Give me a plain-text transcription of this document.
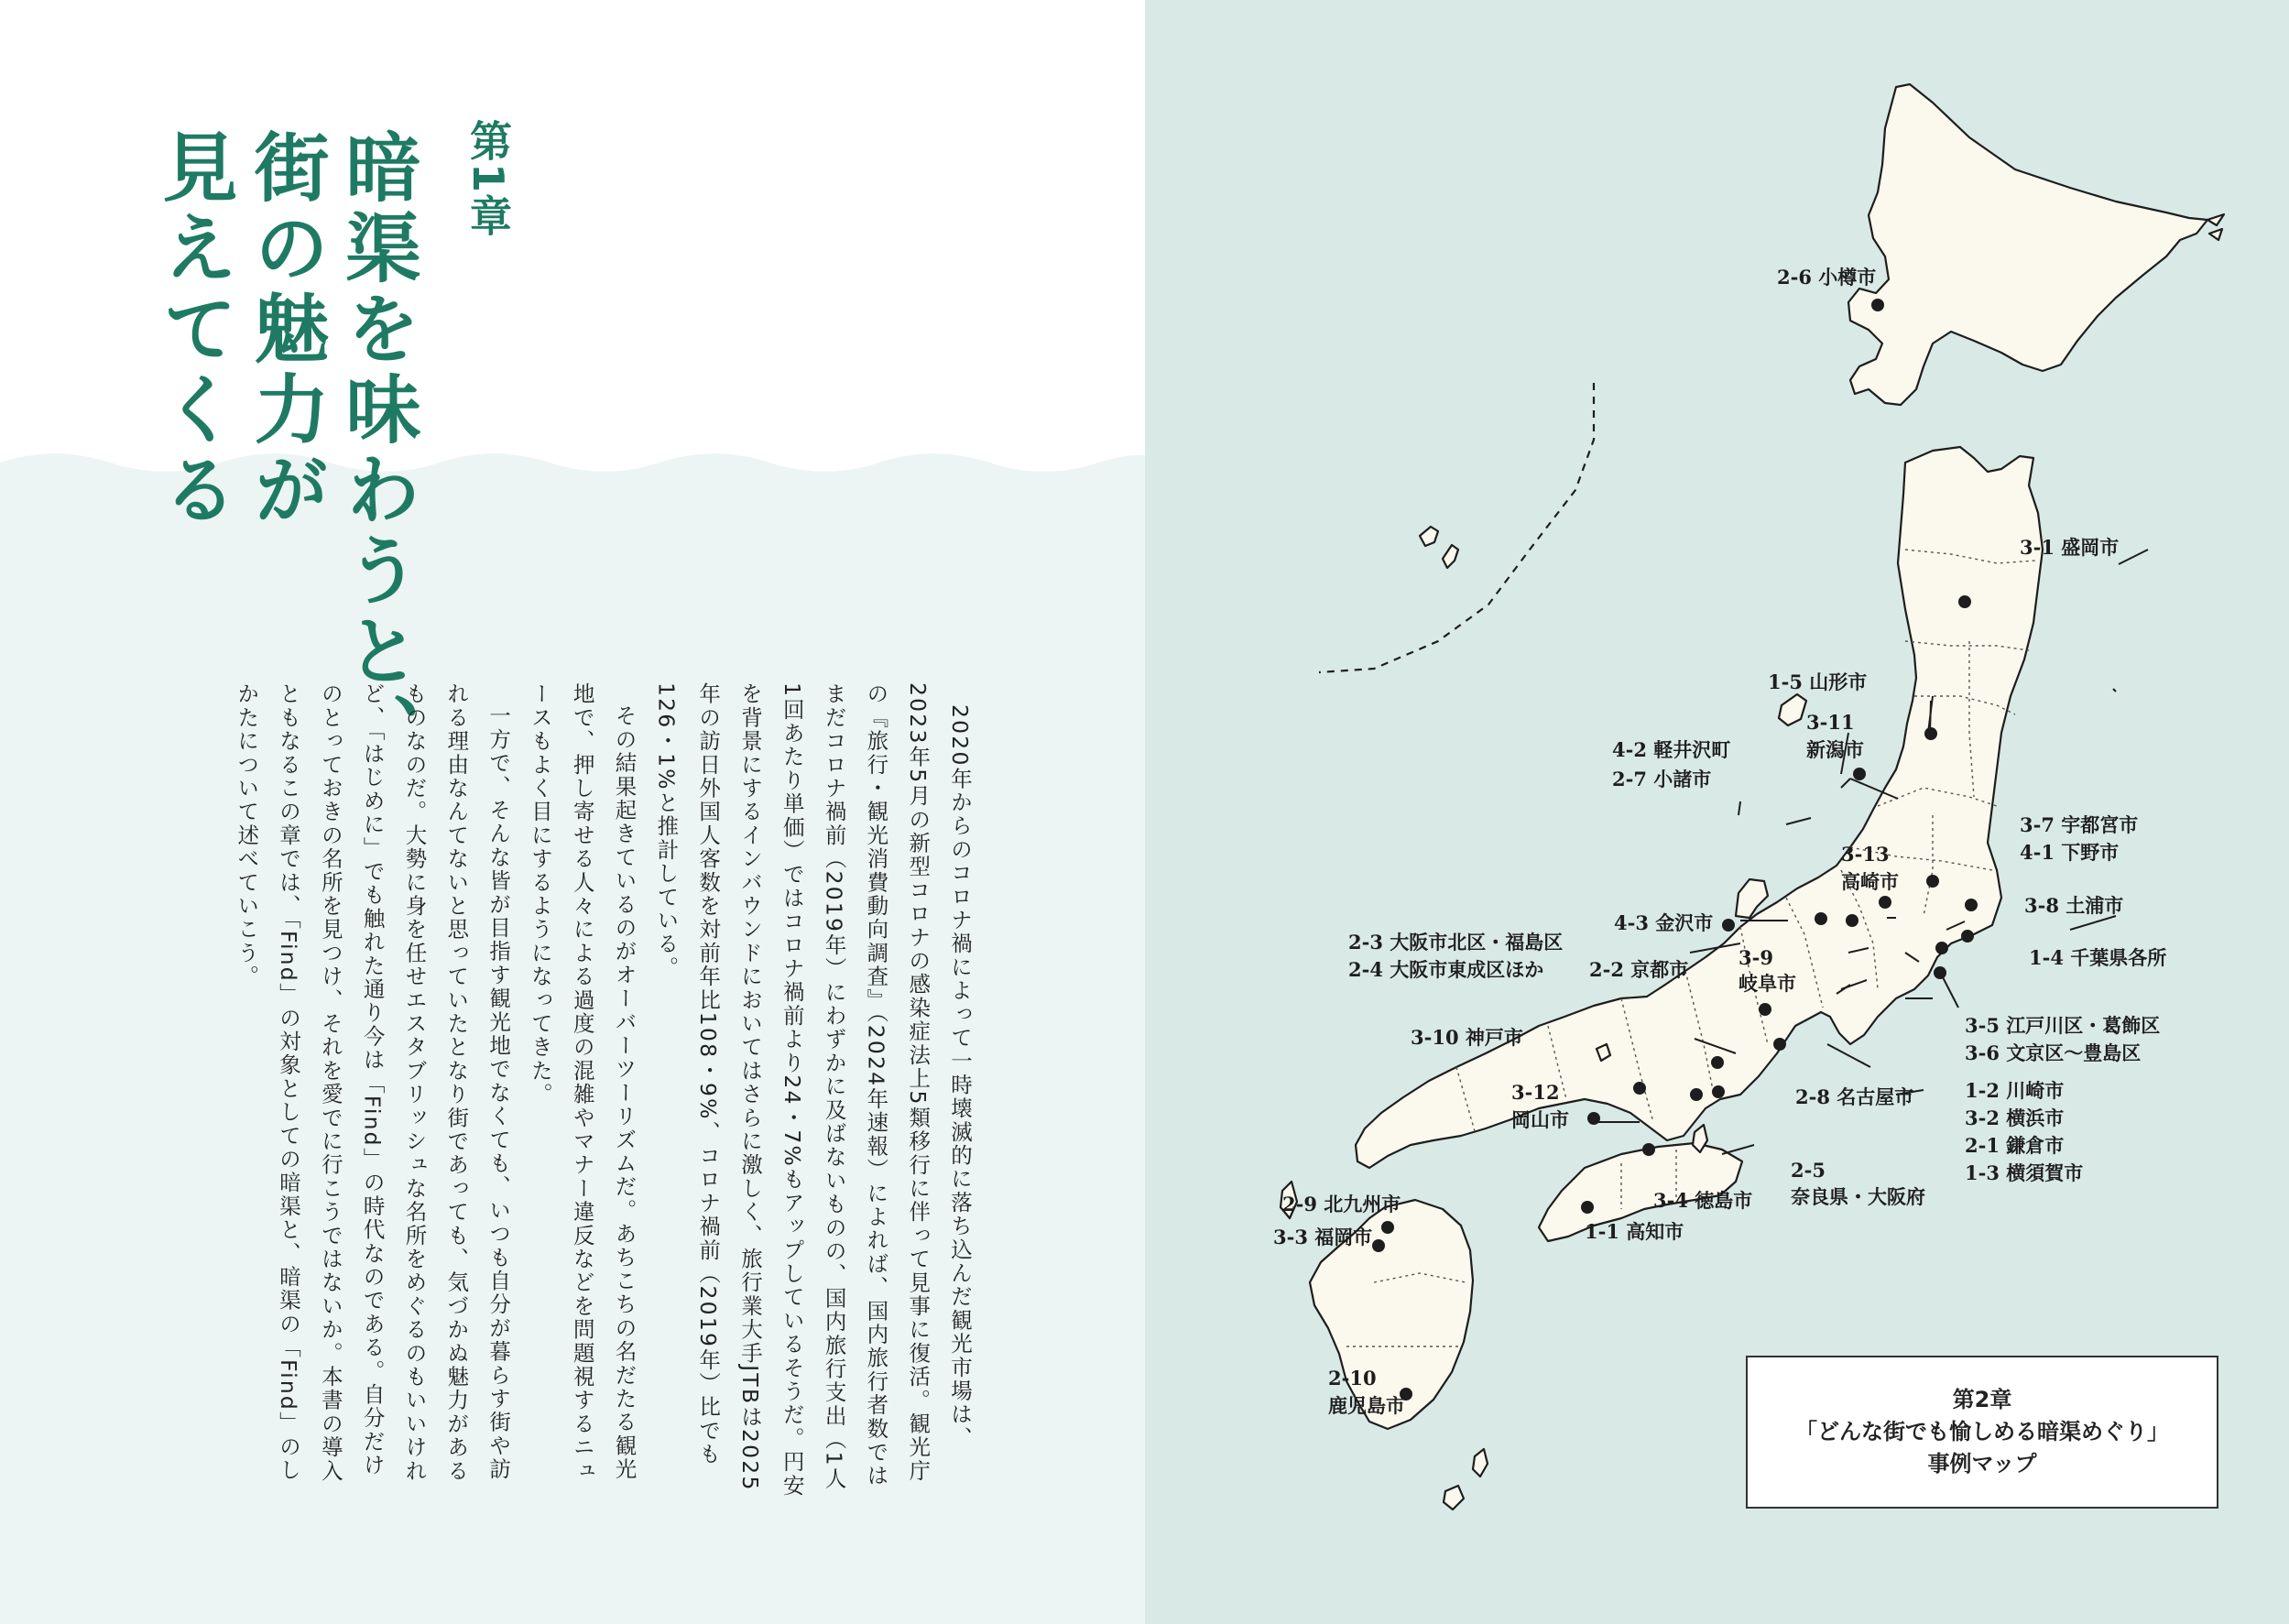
第1章
暗渠を味わうと、
街の魅力が
見えてくる

2020年からのコロナ禍によって一時壊滅的に落ち込んだ観光市場は、2023年5月の新型コロナの感染症法上5類移行に伴って見事に復活。観光庁の『旅行・観光消費動向調査』（2024年速報）によれば、国内旅行者数ではまだコロナ禍前（2019年）にわずかに及ばないものの、国内旅行支出（1人1回あたり単価）ではコロナ禍前より24・7%もアップしているそうだ。円安を背景にするインバウンドにおいてはさらに激しく、旅行業大手JTBは2025年の訪日外国人客数を対前年比108・9%、コロナ禍前（2019年）比でも126・1%と推計している。

その結果起きているのがオーバーツーリズムだ。あちこちの名だたる観光地で、押し寄せる人々による過度の混雑やマナー違反などを問題視するニュースもよく目にするようになってきた。

一方で、そんな皆が目指す観光地でなくても、いつも自分が暮らす街や訪れる理由なんてないと思っていたとなり街であっても、気づかぬ魅力があるものなのだ。大勢に身を任せエスタブリッシュな名所をめぐるのもいいけれど、「はじめに」でも触れた通り今は「Find」の時代なのである。自分だけのとっておきの名所を見つけ、それを愛でに行こうではないか。本書の導入ともなるこの章では、「Find」の対象としての暗渠と、暗渠の「Find」のしかたについて述べていこう。

2-6 小樽市
3-1 盛岡市
1-5 山形市
3-11
新潟市
4-2 軽井沢町
2-7 小諸市
3-7 宇都宮市
4-1 下野市
3-13
高崎市
3-8 土浦市
4-3 金沢市
1-4 千葉県各所
2-3 大阪市北区・福島区
2-4 大阪市東成区ほか 2-2 京都市
3-9
岐阜市
3-5 江戸川区・葛飾区
3-6 文京区～豊島区
3-10 神戸市
2-8 名古屋市	1-2 川崎市
3-12
岡山市	3-2 横浜市
2-1 鎌倉市
1-3 横須賀市
2-5
奈良県・大阪府
3-4 徳島市
2-9 北九州市
1-1 高知市
3-3 福岡市
2-10
鹿児島市	第2章
「どんな街でも愉しめる暗渠めぐり」
事例マップ
